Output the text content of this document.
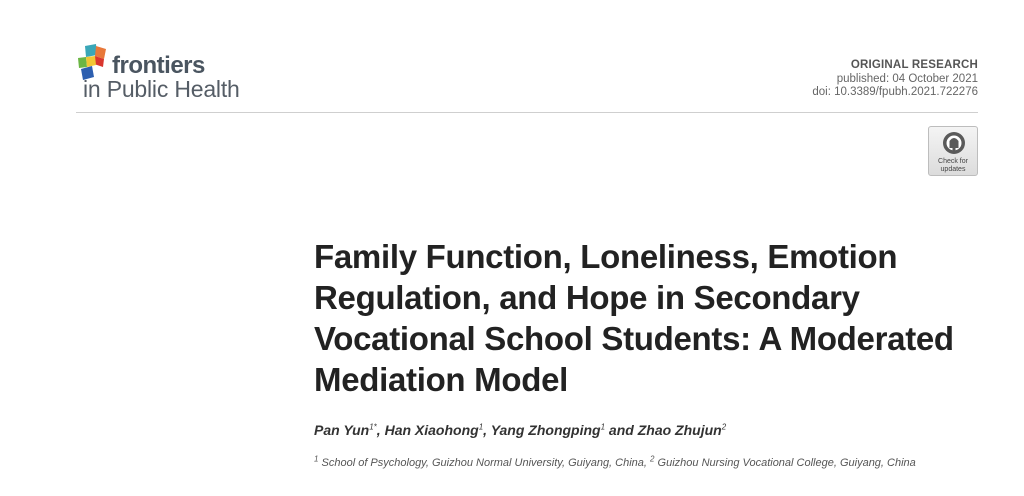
frontiers
in Public Health
ORIGINAL RESEARCH
published: 04 October 2021
doi: 10.3389/fpubh.2021.722276
Check for
updates
Family Function, Loneliness, Emotion Regulation, and Hope in Secondary Vocational School Students: A Moderated Mediation Model
Pan Yun$^{1*}$, Han Xiaohong$^1$, Yang Zhongping$^1$ and Zhao Zhujun$^2$
$^1$ School of Psychology, Guizhou Normal University, Guiyang, China, $^2$ Guizhou Nursing Vocational College, Guiyang, China
